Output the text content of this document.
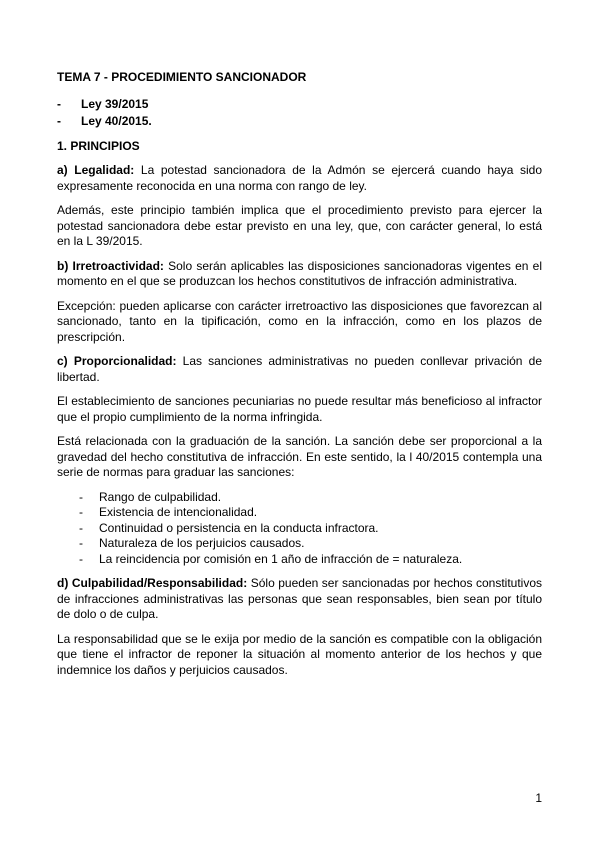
TEMA 7 - PROCEDIMIENTO SANCIONADOR
- Ley 39/2015
- Ley 40/2015.
1. PRINCIPIOS

a) Legalidad: La potestad sancionadora de la Admón se ejercerá cuando haya sido expresamente reconocida en una norma con rango de ley.

Además, este principio también implica que el procedimiento previsto para ejercer la potestad sancionadora debe estar previsto en una ley, que, con carácter general, lo está en la L 39/2015.

b) Irretroactividad: Solo serán aplicables las disposiciones sancionadoras vigentes en el momento en el que se produzcan los hechos constitutivos de infracción administrativa.

Excepción: pueden aplicarse con carácter irretroactivo las disposiciones que favorezcan al sancionado, tanto en la tipificación, como en la infracción, como en los plazos de prescripción.

c) Proporcionalidad: Las sanciones administrativas no pueden conllevar privación de libertad.

El establecimiento de sanciones pecuniarias no puede resultar más beneficioso al infractor que el propio cumplimiento de la norma infringida.

Está relacionada con la graduación de la sanción. La sanción debe ser proporcional a la gravedad del hecho constitutiva de infracción. En este sentido, la l 40/2015 contempla una serie de normas para graduar las sanciones:

- Rango de culpabilidad.
- Existencia de intencionalidad.
- Continuidad o persistencia en la conducta infractora.
- Naturaleza de los perjuicios causados.
- La reincidencia por comisión en 1 año de infracción de = naturaleza.

d) Culpabilidad/Responsabilidad: Sólo pueden ser sancionadas por hechos constitutivos de infracciones administrativas las personas que sean responsables, bien sean por título de dolo o de culpa.

La responsabilidad que se le exija por medio de la sanción es compatible con la obligación que tiene el infractor de reponer la situación al momento anterior de los hechos y que indemnice los daños y perjuicios causados.

1
